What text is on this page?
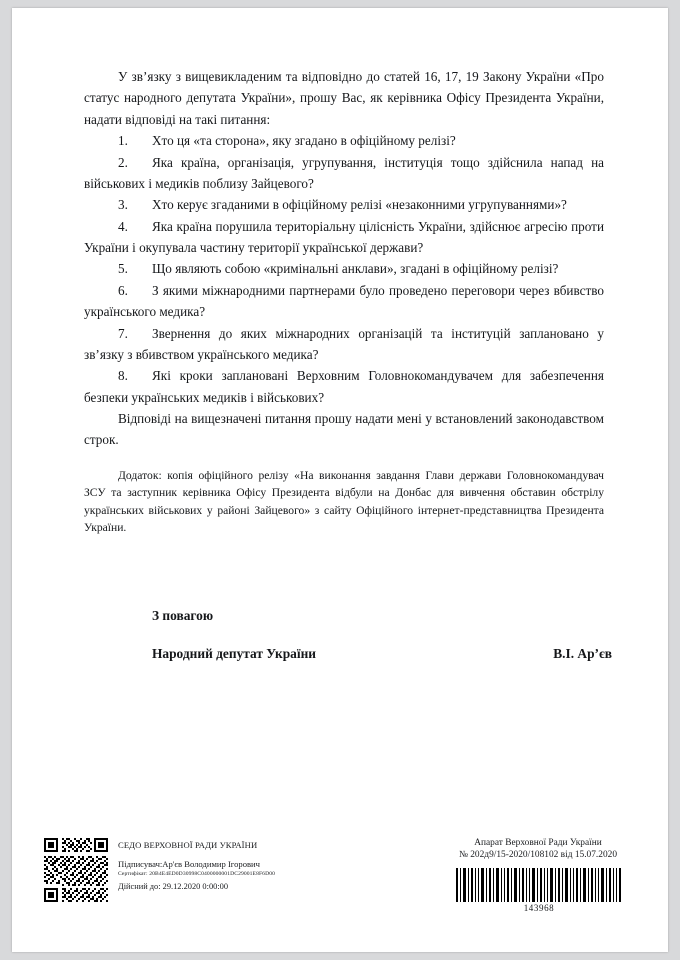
У зв’язку з вищевикладеним та відповідно до статей 16, 17, 19 Закону України «Про статус народного депутата України», прошу Вас, як керівника Офісу Президента України, надати відповіді на такі питання:

1. Хто ця «та сторона», яку згадано в офіційному релізі?

2. Яка країна, організація, угрупування, інституція тощо здійснила напад на військових і медиків поблизу Зайцевого?

3. Хто керує згаданими в офіційному релізі «незаконними угрупуваннями»?

4. Яка країна порушила територіальну цілісність України, здійснює агресію проти України і окупувала частину території української держави?

5. Що являють собою «кримінальні анклави», згадані в офіційному релізі?

6. З якими міжнародними партнерами було проведено переговори через вбивство українського медика?

7. Звернення до яких міжнародних організацій та інституцій заплановано у зв’язку з вбивством українського медика?

8. Які кроки заплановані Верховним Головнокомандувачем для забезпечення безпеки українських медиків і військових?

Відповіді на вищезначені питання прошу надати мені у встановлений законодавством строк.

Додаток: копія офіційного релізу «На виконання завдання Глави держави Головнокомандувач ЗСУ та заступник керівника Офісу Президента відбули на Донбас для вивчення обставин обстрілу українських військових у районі Зайцевого» з сайту Офіційного інтернет-представництва Президента України.
З повагою
Народний депутат України	В.І. Ар’єв
СЕДО ВЕРХОВНОЇ РАДИ УКРАЇНИ
Підписувач:Ар'єв Володимир Ігорович
Сертифікат: 20B4E4ED0D30998C0400000001DC29001E8F6D00
Дійсний до: 29.12.2020 0:00:00
Апарат Верховної Ради України
№ 202д9/15-2020/108102 від 15.07.2020
143968
